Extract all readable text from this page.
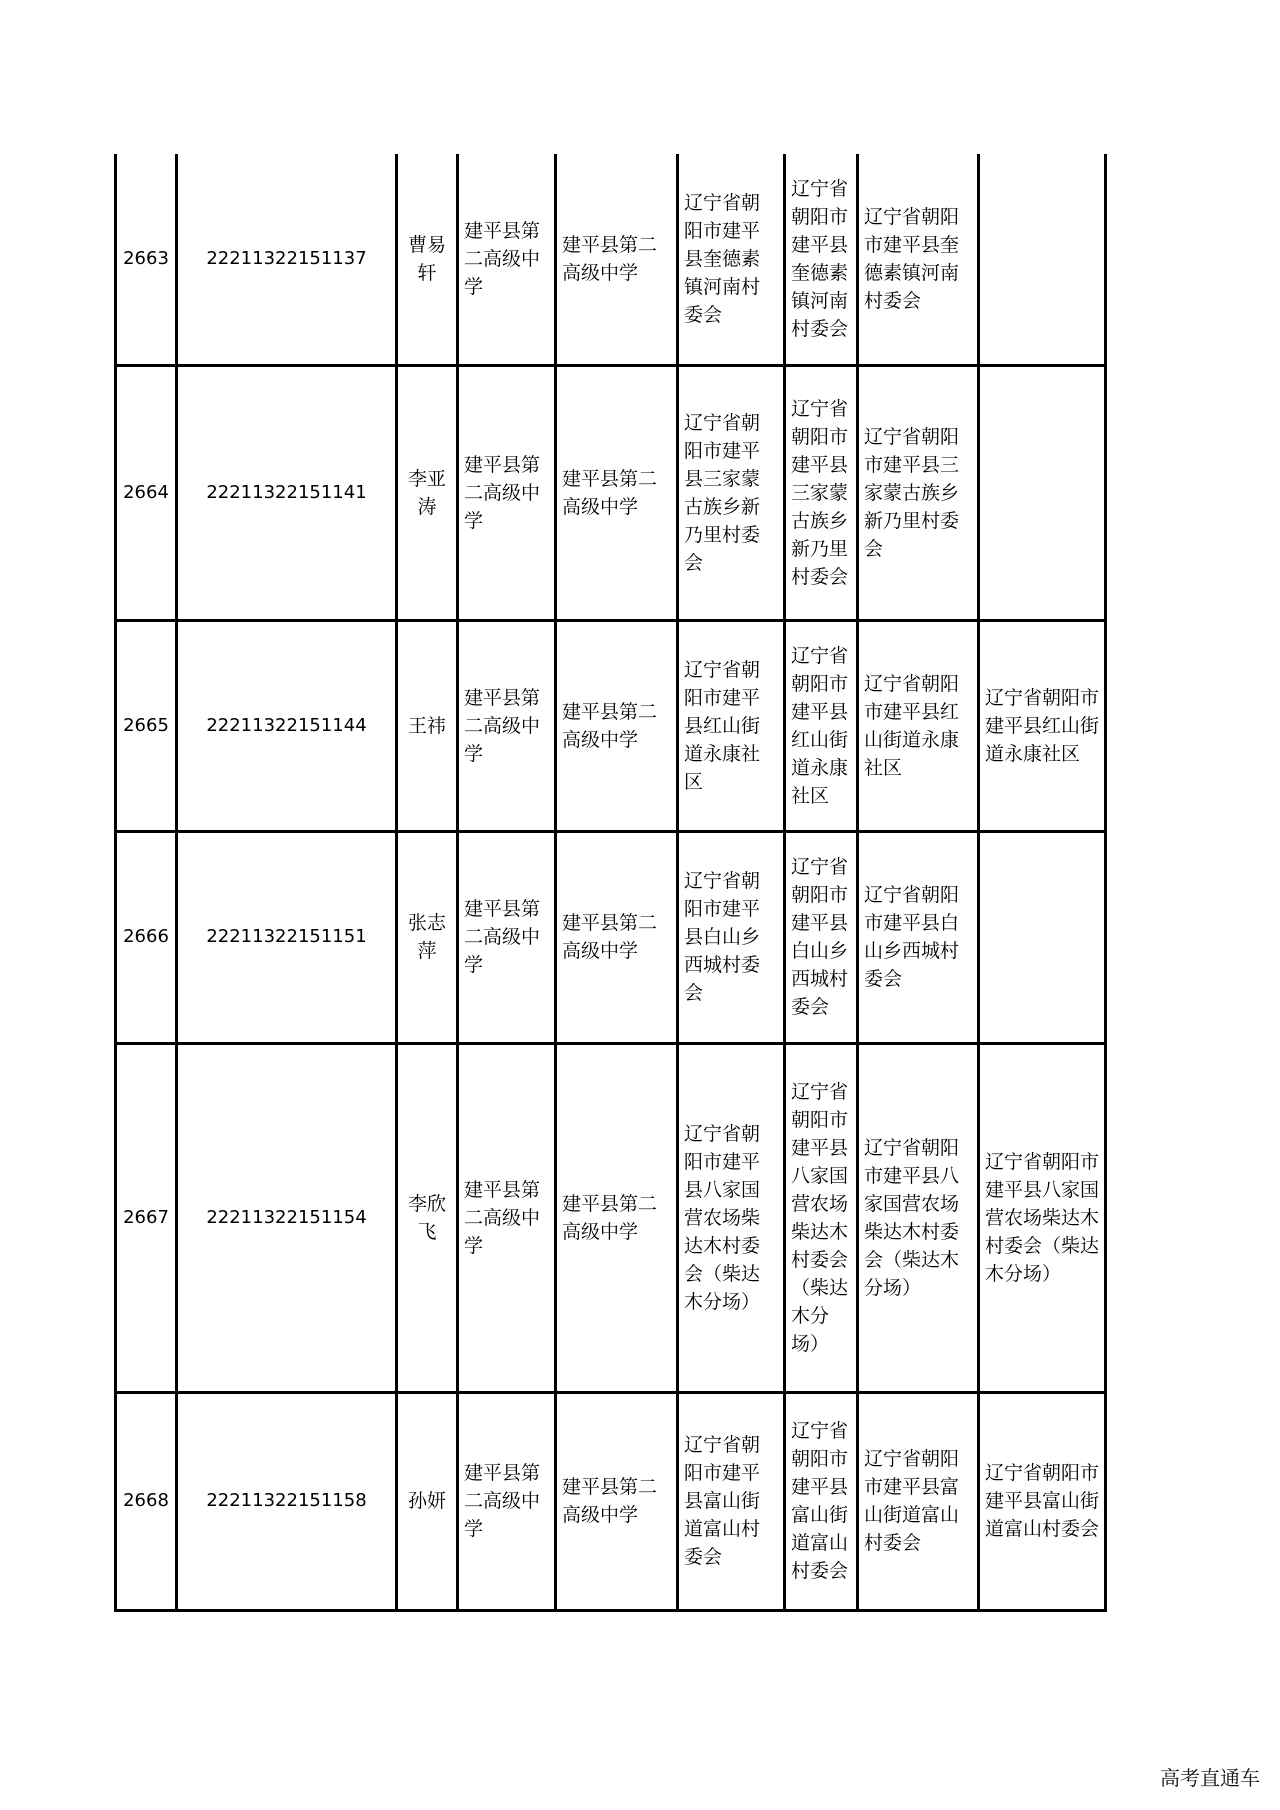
2663	22211322151137	曹易轩	建平县第二高级中学	建平县第二高级中学	辽宁省朝阳市建平县奎德素镇河南村委会	辽宁省朝阳市建平县奎德素镇河南村委会	辽宁省朝阳市建平县奎德素镇河南村委会	
2664	22211322151141	李亚涛	建平县第二高级中学	建平县第二高级中学	辽宁省朝阳市建平县三家蒙古族乡新乃里村委会	辽宁省朝阳市建平县三家蒙古族乡新乃里村委会	辽宁省朝阳市建平县三家蒙古族乡新乃里村委会	
2665	22211322151144	王祎	建平县第二高级中学	建平县第二高级中学	辽宁省朝阳市建平县红山街道永康社区	辽宁省朝阳市建平县红山街道永康社区	辽宁省朝阳市建平县红山街道永康社区	辽宁省朝阳市建平县红山街道永康社区
2666	22211322151151	张志萍	建平县第二高级中学	建平县第二高级中学	辽宁省朝阳市建平县白山乡西城村委会	辽宁省朝阳市建平县白山乡西城村委会	辽宁省朝阳市建平县白山乡西城村委会	
2667	22211322151154	李欣飞	建平县第二高级中学	建平县第二高级中学	辽宁省朝阳市建平县八家国营农场柴达木村委会（柴达木分场）	辽宁省朝阳市建平县八家国营农场柴达木村委会（柴达木分场）	辽宁省朝阳市建平县八家国营农场柴达木村委会（柴达木分场）	辽宁省朝阳市建平县八家国营农场柴达木村委会（柴达木分场）
2668	22211322151158	孙妍	建平县第二高级中学	建平县第二高级中学	辽宁省朝阳市建平县富山街道富山村委会	辽宁省朝阳市建平县富山街道富山村委会	辽宁省朝阳市建平县富山街道富山村委会	辽宁省朝阳市建平县富山街道富山村委会
高考直通车
